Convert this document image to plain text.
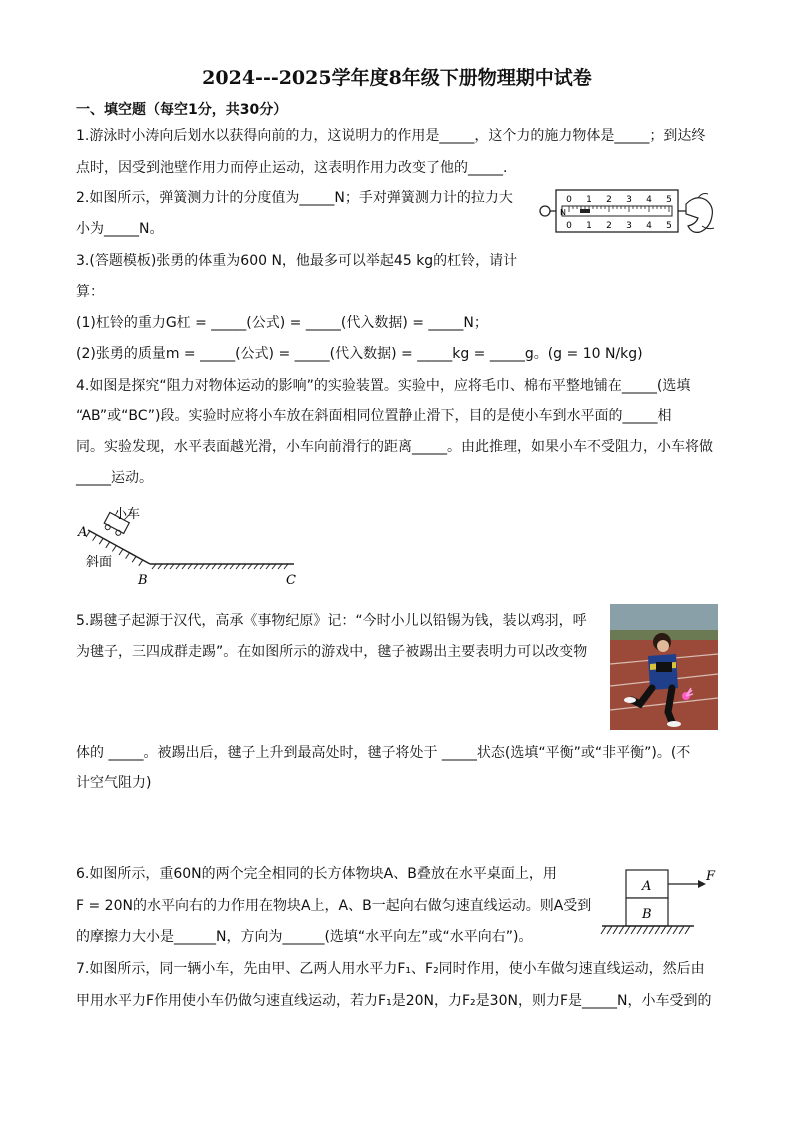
2024---2025学年度8年级下册物理期中试卷
一、填空题（每空1分，共30分）
1.游泳时小涛向后划水以获得向前的力，这说明力的作用是_____，这个力的施力物体是_____；到达终
点时，因受到池壁作用力而停止运动，这表明作用力改变了他的_____.
2.如图所示，弹簧测力计的分度值为_____N；手对弹簧测力计的拉力大
小为_____N。
0 1 2 3 4 5
0 1 2 3 4 5
N
3.(答题模板)张勇的体重为600 N，他最多可以举起45 kg的杠铃，请计
算：
(1)杠铃的重力G杠 = _____(公式) = _____(代入数据) = _____N；
(2)张勇的质量m = _____(公式) = _____(代入数据) = _____kg = _____g。(g = 10 N/kg)
4.如图是探究“阻力对物体运动的影响”的实验装置。实验中，应将毛巾、棉布平整地铺在_____(选填
“AB”或“BC”)段。实验时应将小车放在斜面相同位置静止滑下，目的是使小车到水平面的_____相
同。实验发现，水平表面越光滑，小车向前滑行的距离_____。由此推理，如果小车不受阻力，小车将做
_____运动。
小车
A
斜面
B	C
5.踢毽子起源于汉代，高承《事物纪原》记：“今时小儿以铅锡为钱，装以鸡羽，呼
为毽子，三四成群走踢”。在如图所示的游戏中，毽子被踢出主要表明力可以改变物
体的 _____。被踢出后，毽子上升到最高处时，毽子将处于 _____状态(选填“平衡”或“非平衡”)。(不
计空气阻力)
6.如图所示，重60N的两个完全相同的长方体物块A、B叠放在水平桌面上，用
F = 20N的水平向右的力作用在物块A上，A、B一起向右做匀速直线运动。则A受到
的摩擦力大小是______N，方向为______(选填“水平向左”或“水平向右”)。
A
B
F
7.如图所示，同一辆小车，先由甲、乙两人用水平力F₁、F₂同时作用，使小车做匀速直线运动，然后由
甲用水平力F作用使小车仍做匀速直线运动，若力F₁是20N，力F₂是30N，则力F是_____N，小车受到的
